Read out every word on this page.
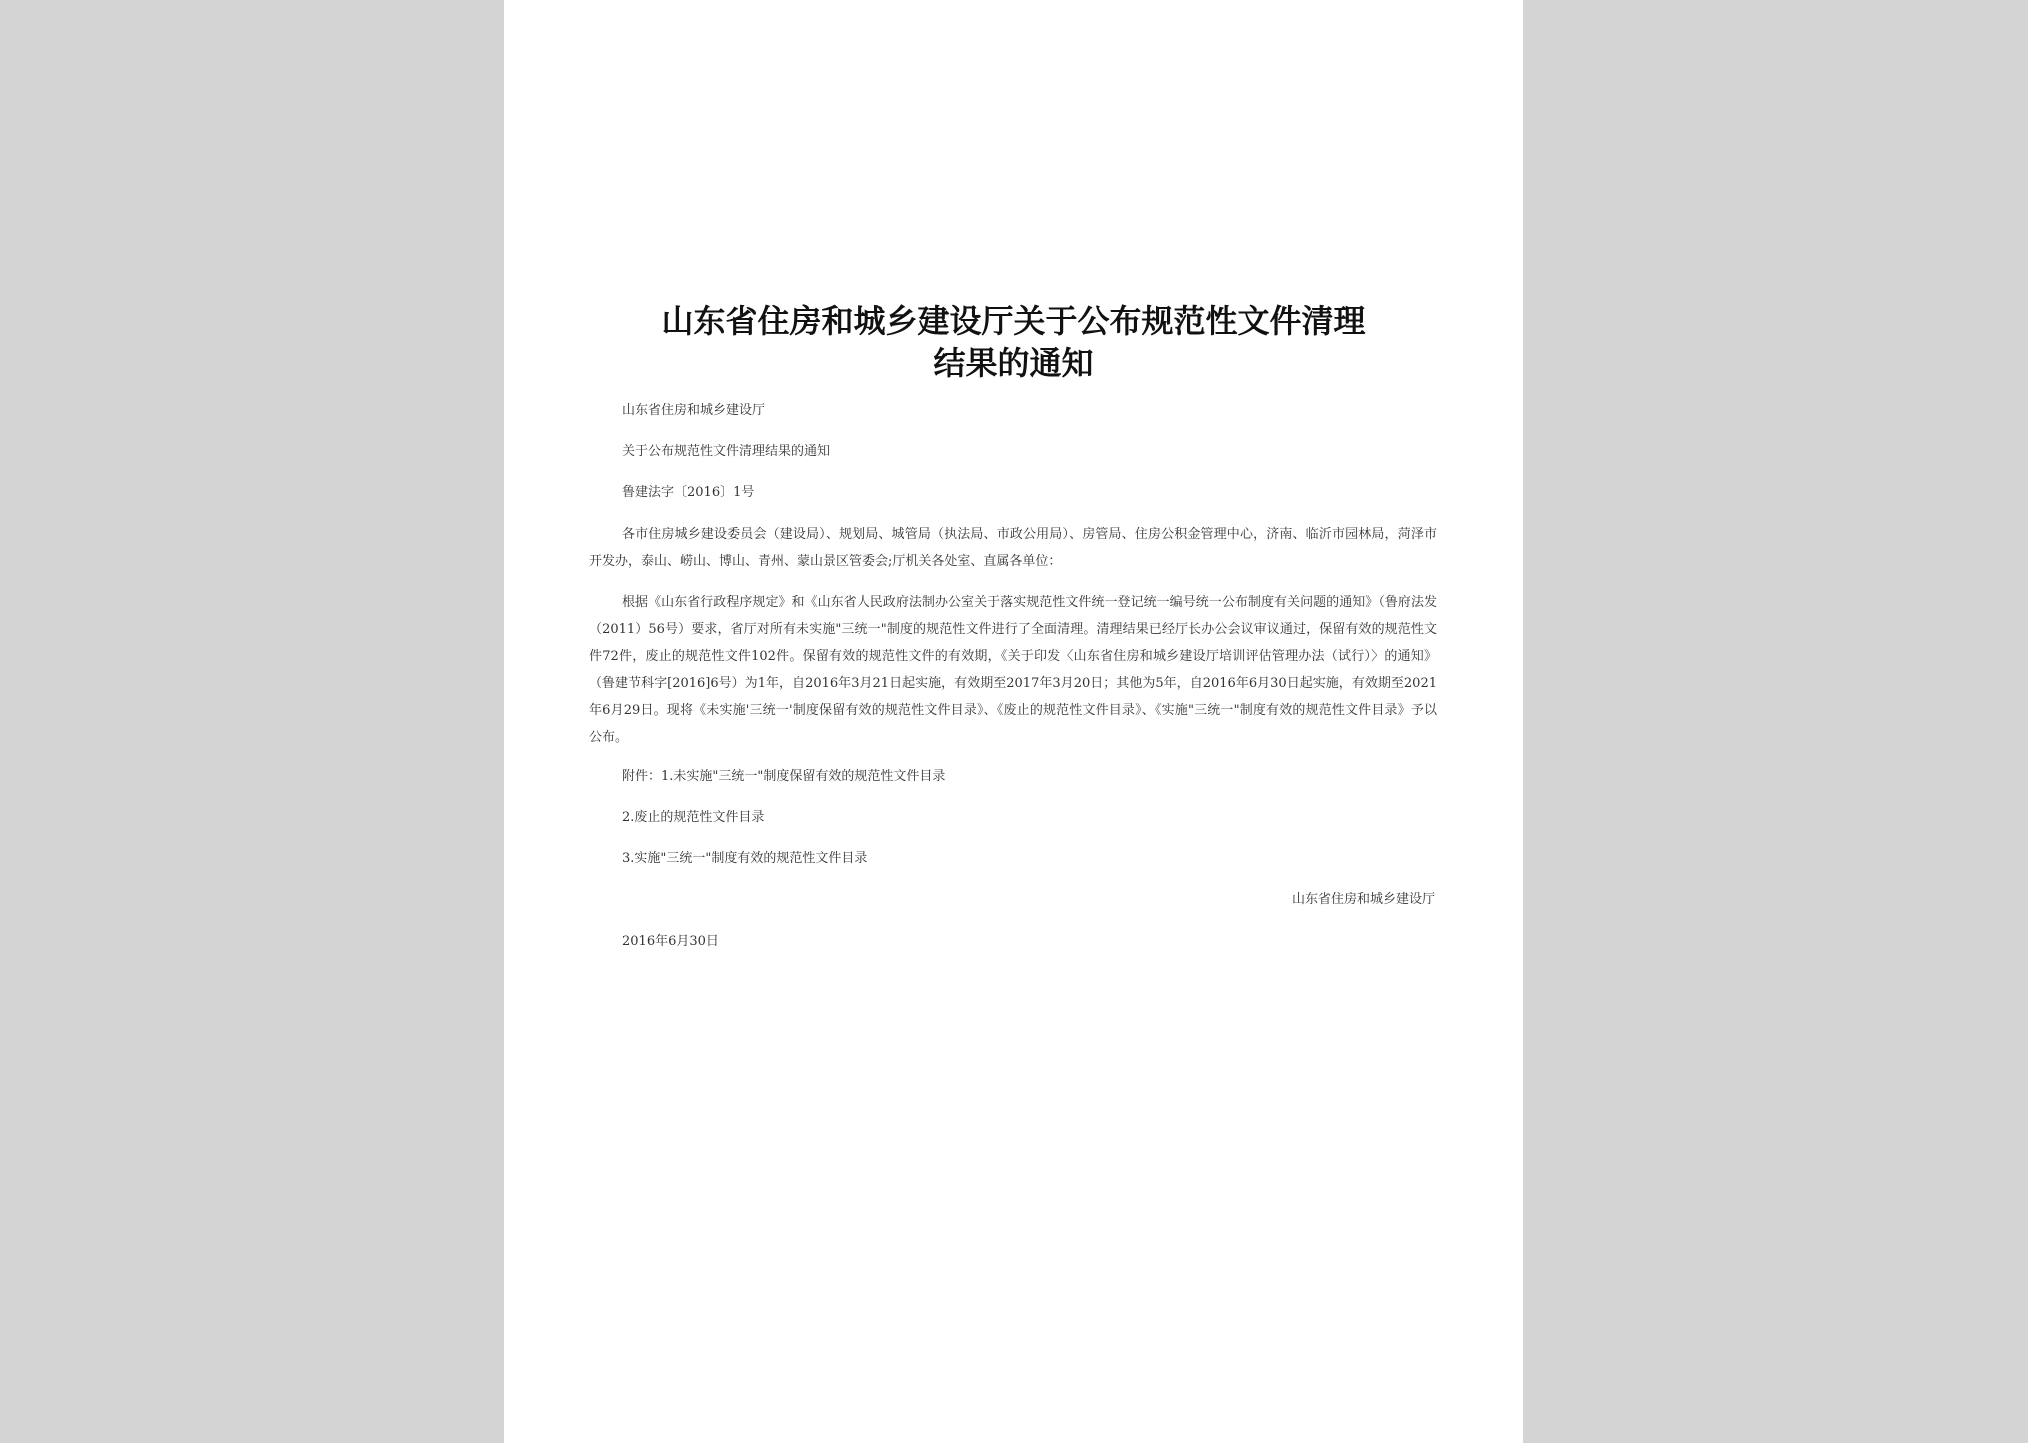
山东省住房和城乡建设厅关于公布规范性文件清理
结果的通知
山东省住房和城乡建设厅
关于公布规范性文件清理结果的通知
鲁建法字〔2016〕1号
各市住房城乡建设委员会（建设局）、规划局、城管局（执法局、市政公用局）、房管局、住房公积金管理中心，济南、临沂市园林局，菏泽市开发办，泰山、崂山、博山、青州、蒙山景区管委会;厅机关各处室、直属各单位：
根据《山东省行政程序规定》和《山东省人民政府法制办公室关于落实规范性文件统一登记统一编号统一公布制度有关问题的通知》（鲁府法发（2011）56号）要求，省厅对所有未实施"三统一"制度的规范性文件进行了全面清理。清理结果已经厅长办公会议审议通过，保留有效的规范性文件72件，废止的规范性文件102件。保留有效的规范性文件的有效期，《关于印发〈山东省住房和城乡建设厅培训评估管理办法（试行）〉的通知》（鲁建节科字[2016]6号）为1年，自2016年3月21日起实施，有效期至2017年3月20日；其他为5年，自2016年6月30日起实施，有效期至2021年6月29日。现将《未实施'三统一'制度保留有效的规范性文件目录》、《废止的规范性文件目录》、《实施"三统一"制度有效的规范性文件目录》予以公布。
附件：1.未实施"三统一"制度保留有效的规范性文件目录
2.废止的规范性文件目录
3.实施"三统一"制度有效的规范性文件目录
山东省住房和城乡建设厅
2016年6月30日
